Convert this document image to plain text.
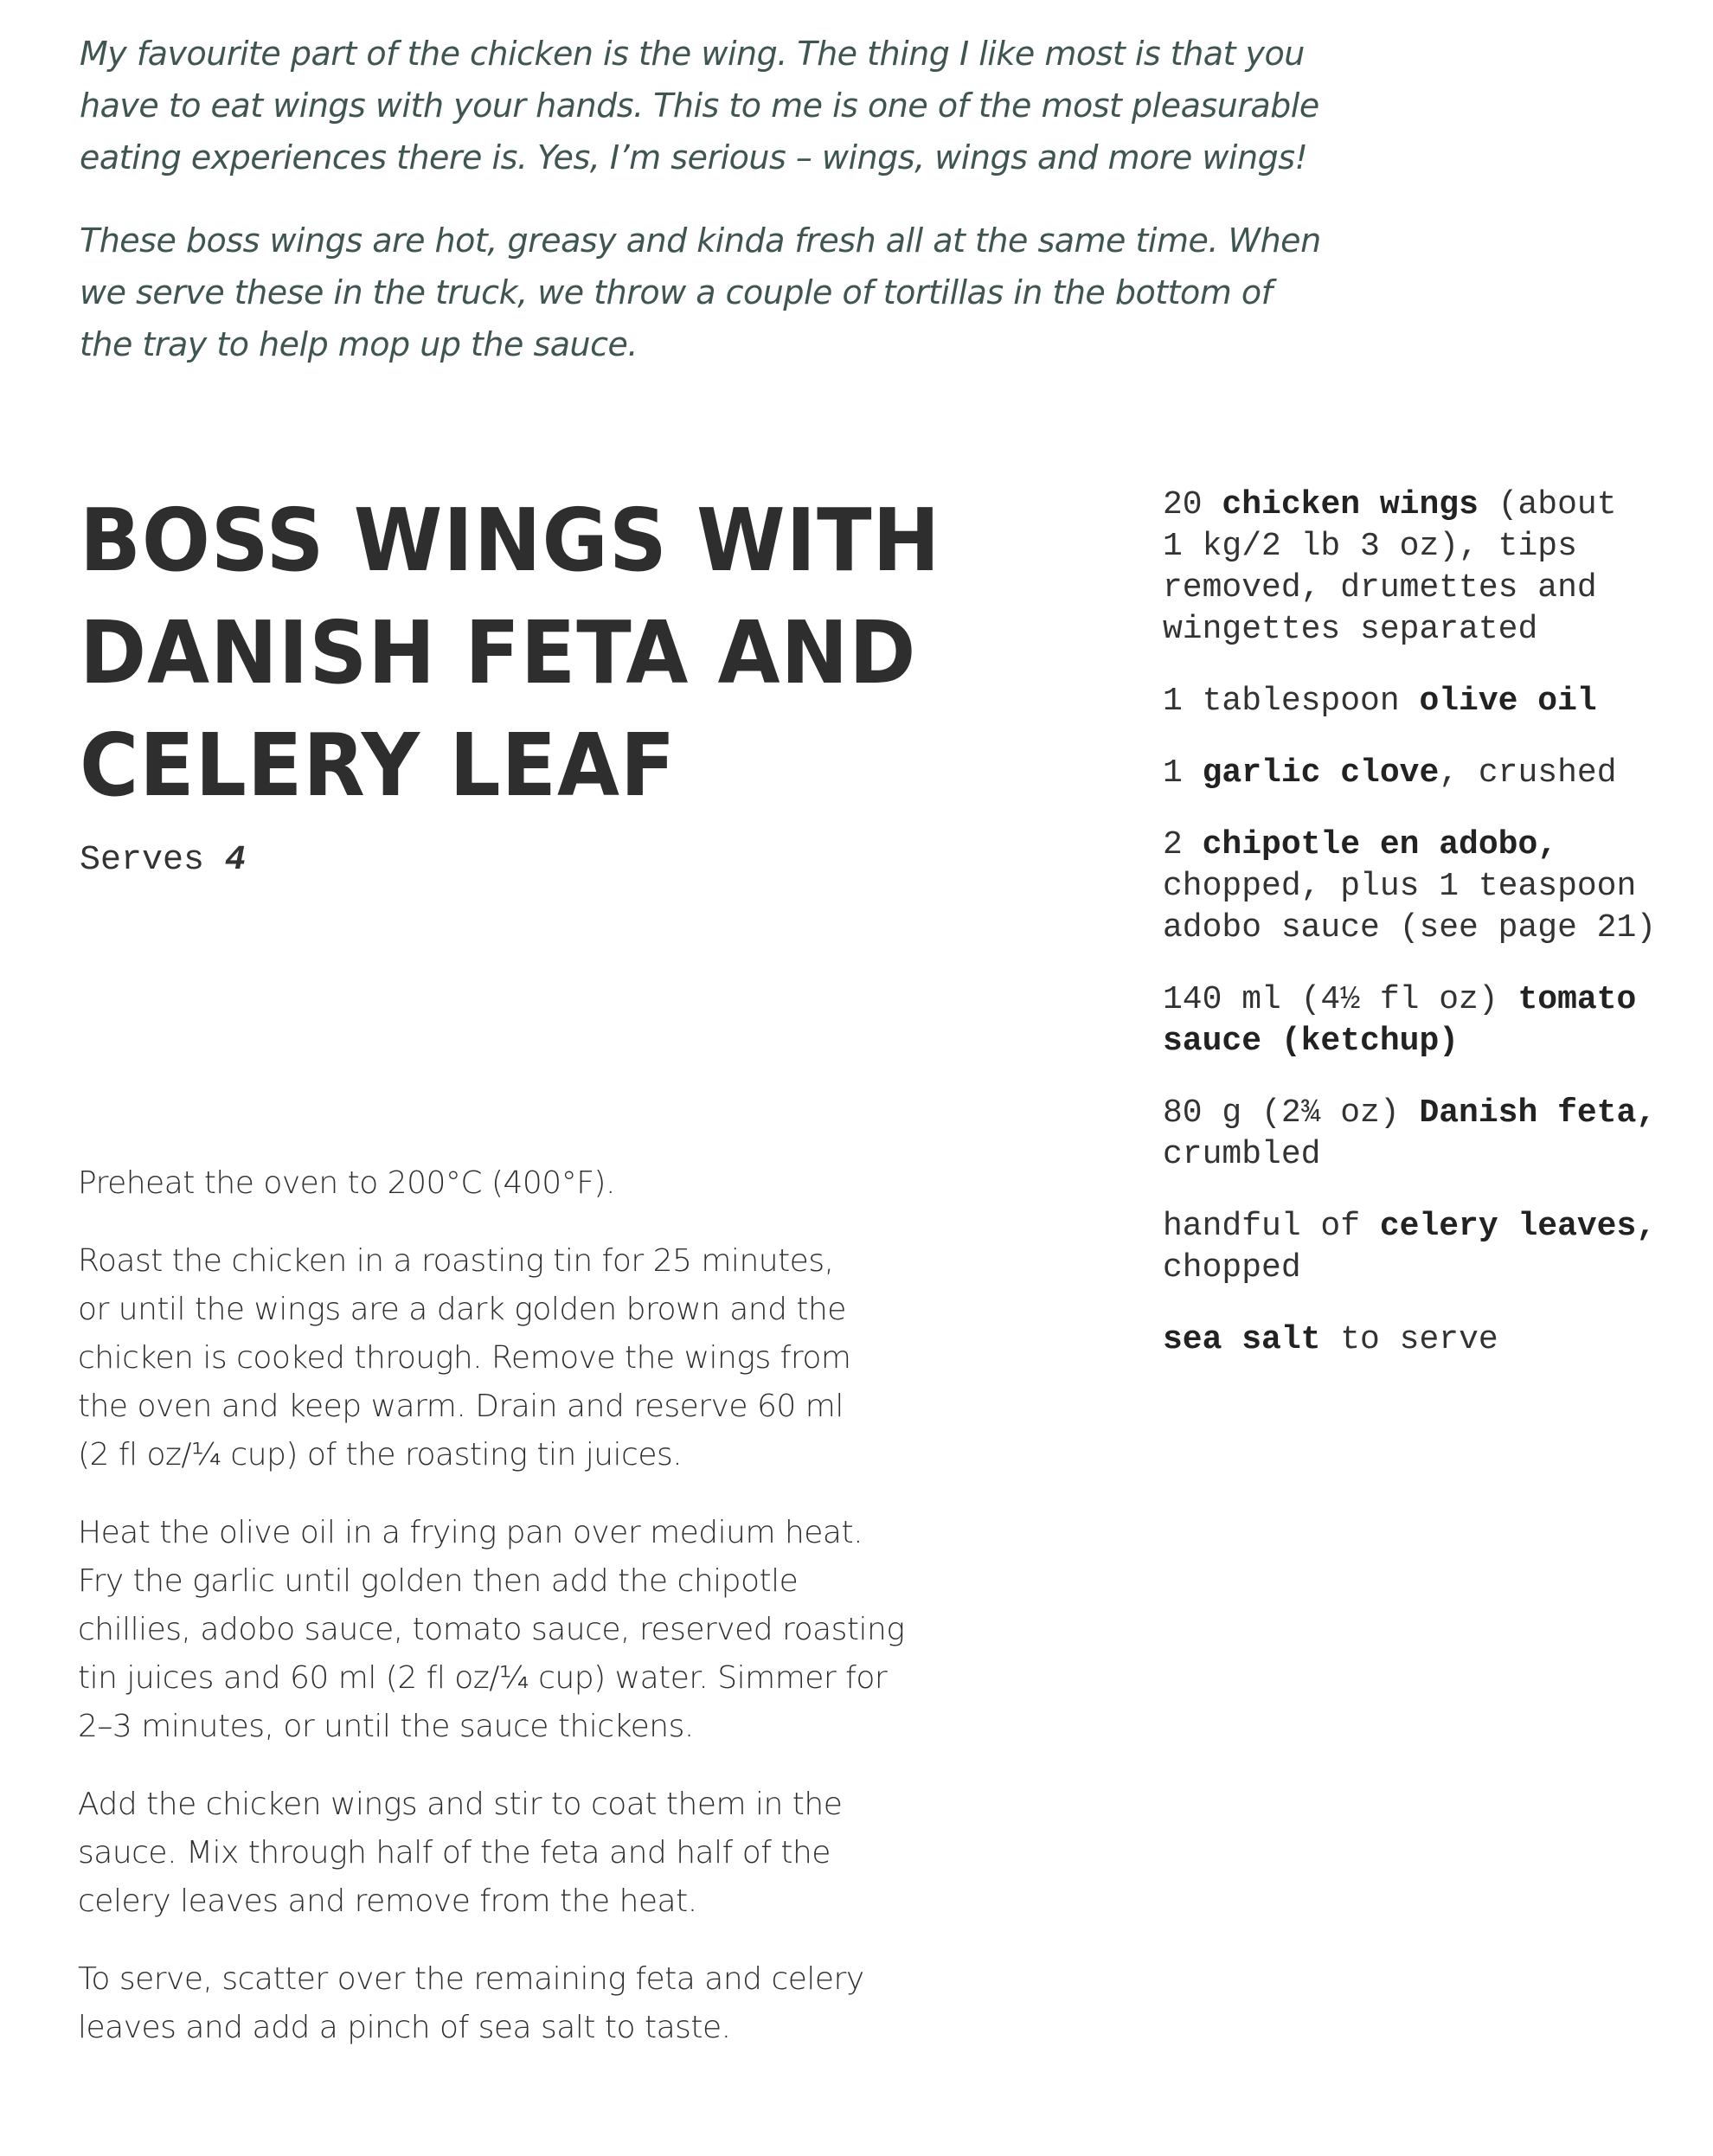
My favourite part of the chicken is the wing. The thing I like most is that you
have to eat wings with your hands. This to me is one of the most pleasurable
eating experiences there is. Yes, I’m serious – wings, wings and more wings!

These boss wings are hot, greasy and kinda fresh all at the same time. When
we serve these in the truck, we throw a couple of tortillas in the bottom of
the tray to help mop up the sauce.

BOSS WINGS WITH
DANISH FETA AND
CELERY LEAF
Serves 4
20 chicken wings (about
1 kg/2 lb 3 oz), tips
removed, drumettes and
wingettes separated
1 tablespoon olive oil
1 garlic clove, crushed
2 chipotle en adobo,
chopped, plus 1 teaspoon
adobo sauce (see page 21)
140 ml (4½ fl oz) tomato
sauce (ketchup)
80 g (2¾ oz) Danish feta,
crumbled
handful of celery leaves,
chopped
sea salt to serve

Preheat the oven to 200°C (400°F).

Roast the chicken in a roasting tin for 25 minutes,
or until the wings are a dark golden brown and the
chicken is cooked through. Remove the wings from
the oven and keep warm. Drain and reserve 60 ml
(2 fl oz/¼ cup) of the roasting tin juices.

Heat the olive oil in a frying pan over medium heat.
Fry the garlic until golden then add the chipotle
chillies, adobo sauce, tomato sauce, reserved roasting
tin juices and 60 ml (2 fl oz/¼ cup) water. Simmer for
2–3 minutes, or until the sauce thickens.

Add the chicken wings and stir to coat them in the
sauce. Mix through half of the feta and half of the
celery leaves and remove from the heat.

To serve, scatter over the remaining feta and celery
leaves and add a pinch of sea salt to taste.
